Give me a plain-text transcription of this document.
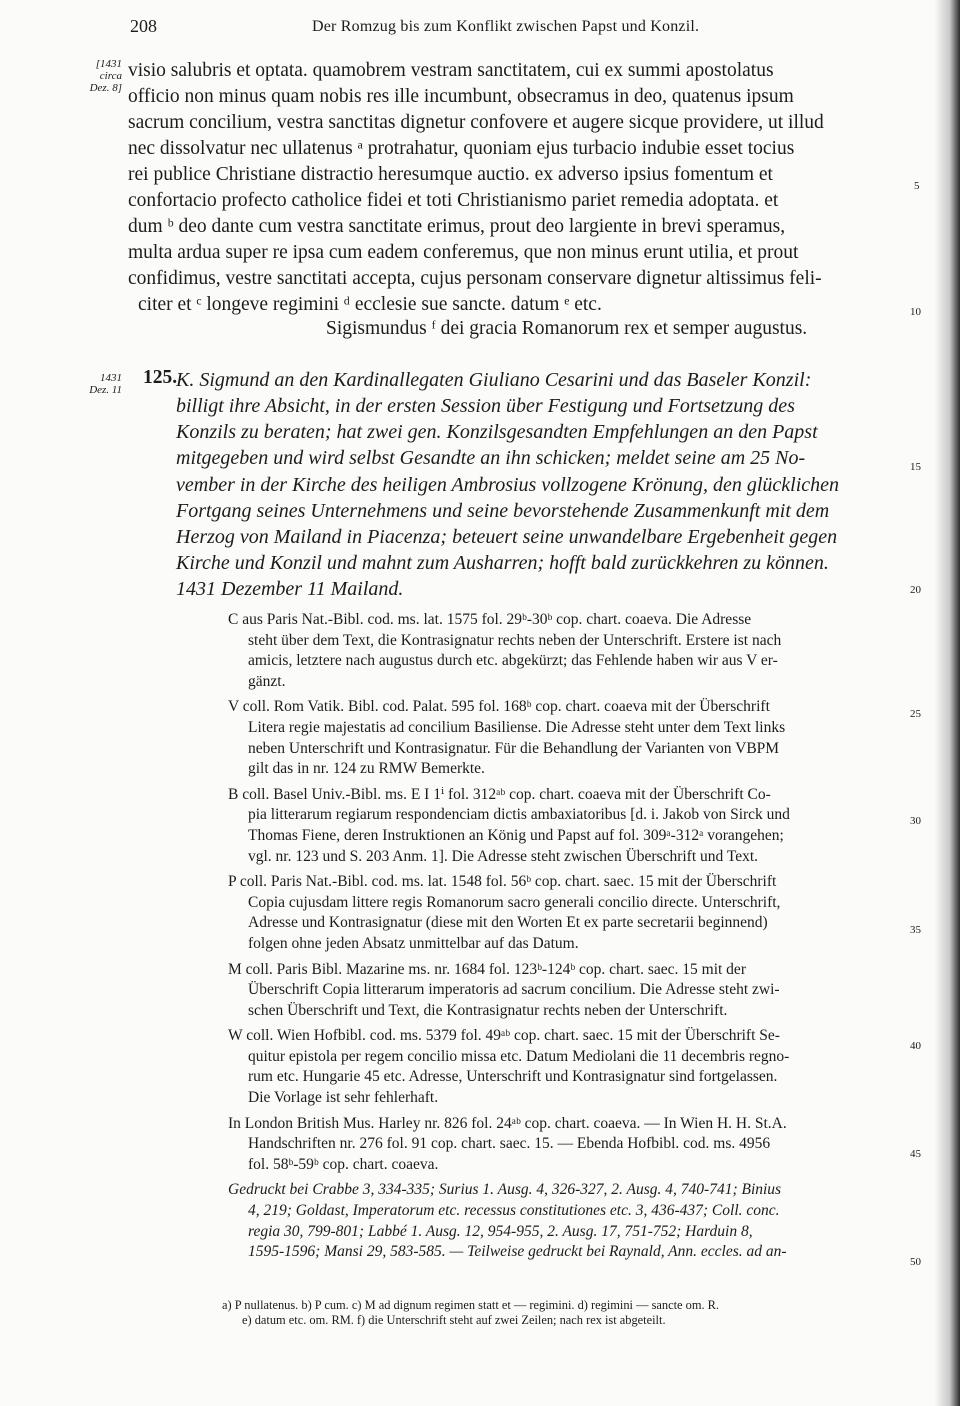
208	Der Romzug bis zum Konflikt zwischen Papst und Konzil.
[1431
circa
Dez. 8]
visio salubris et optata. quamobrem vestram sanctitatem, cui ex summi apostolatus
officio non minus quam nobis res ille incumbunt, obsecramus in deo, quatenus ipsum
sacrum concilium, vestra sanctitas dignetur confovere et augere sicque providere, ut illud
nec dissolvatur nec ullatenus ᵃ protrahatur, quoniam ejus turbacio indubie esset tocius
rei publice Christiane distractio heresumque auctio. ex adverso ipsius fomentum et
confortacio profecto catholice fidei et toti Christianismo pariet remedia adoptata. et
dum ᵇ deo dante cum vestra sanctitate erimus, prout deo largiente in brevi speramus,
multa ardua super re ipsa cum eadem conferemus, que non minus erunt utilia, et prout
confidimus, vestre sanctitati accepta, cujus personam conservare dignetur altissimus feli-
citer et ᶜ longeve regimini ᵈ ecclesie sue sancte. datum ᵉ etc.
Sigismundus ᶠ dei gracia Romanorum rex et semper augustus.
1431
Dez. 11
125.
K. Sigmund an den Kardinallegaten Giuliano Cesarini und das Baseler Konzil:
billigt ihre Absicht, in der ersten Session über Festigung und Fortsetzung des
Konzils zu beraten; hat zwei gen. Konzilsgesandten Empfehlungen an den Papst
mitgegeben und wird selbst Gesandte an ihn schicken; meldet seine am 25 No-
vember in der Kirche des heiligen Ambrosius vollzogene Krönung, den glücklichen
Fortgang seines Unternehmens und seine bevorstehende Zusammenkunft mit dem
Herzog von Mailand in Piacenza; beteuert seine unwandelbare Ergebenheit gegen
Kirche und Konzil und mahnt zum Ausharren; hofft bald zurückkehren zu können.
1431 Dezember 11 Mailand.
C aus Paris Nat.-Bibl. cod. ms. lat. 1575 fol. 29ᵇ-30ᵇ cop. chart. coaeva. Die Adresse
steht über dem Text, die Kontrasignatur rechts neben der Unterschrift. Erstere ist nach
amicis, letztere nach augustus durch etc. abgekürzt; das Fehlende haben wir aus V er-
gänzt.
V coll. Rom Vatik. Bibl. cod. Palat. 595 fol. 168ᵇ cop. chart. coaeva mit der Überschrift
Litera regie majestatis ad concilium Basiliense. Die Adresse steht unter dem Text links
neben Unterschrift und Kontrasignatur. Für die Behandlung der Varianten von VBPM
gilt das in nr. 124 zu RMW Bemerkte.
B coll. Basel Univ.-Bibl. ms. E I 1ⁱ fol. 312ᵃᵇ cop. chart. coaeva mit der Überschrift Co-
pia litterarum regiarum respondenciam dictis ambaxiatoribus [d. i. Jakob von Sirck und
Thomas Fiene, deren Instruktionen an König und Papst auf fol. 309ᵃ-312ᵃ vorangehen;
vgl. nr. 123 und S. 203 Anm. 1]. Die Adresse steht zwischen Überschrift und Text.
P coll. Paris Nat.-Bibl. cod. ms. lat. 1548 fol. 56ᵇ cop. chart. saec. 15 mit der Überschrift
Copia cujusdam littere regis Romanorum sacro generali concilio directe. Unterschrift,
Adresse und Kontrasignatur (diese mit den Worten Et ex parte secretarii beginnend)
folgen ohne jeden Absatz unmittelbar auf das Datum.
M coll. Paris Bibl. Mazarine ms. nr. 1684 fol. 123ᵇ-124ᵇ cop. chart. saec. 15 mit der
Überschrift Copia litterarum imperatoris ad sacrum concilium. Die Adresse steht zwi-
schen Überschrift und Text, die Kontrasignatur rechts neben der Unterschrift.
W coll. Wien Hofbibl. cod. ms. 5379 fol. 49ᵃᵇ cop. chart. saec. 15 mit der Überschrift Se-
quitur epistola per regem concilio missa etc. Datum Mediolani die 11 decembris regno-
rum etc. Hungarie 45 etc. Adresse, Unterschrift und Kontrasignatur sind fortgelassen.
Die Vorlage ist sehr fehlerhaft.
In London British Mus. Harley nr. 826 fol. 24ᵃᵇ cop. chart. coaeva. — In Wien H. H. St.A.
Handschriften nr. 276 fol. 91 cop. chart. saec. 15. — Ebenda Hofbibl. cod. ms. 4956
fol. 58ᵇ-59ᵇ cop. chart. coaeva.
Gedruckt bei Crabbe 3, 334-335; Surius 1. Ausg. 4, 326-327, 2. Ausg. 4, 740-741; Binius
4, 219; Goldast, Imperatorum etc. recessus constitutiones etc. 3, 436-437; Coll. conc.
regia 30, 799-801; Labbé 1. Ausg. 12, 954-955, 2. Ausg. 17, 751-752; Harduin 8,
1595-1596; Mansi 29, 583-585. — Teilweise gedruckt bei Raynald, Ann. eccles. ad an-
a) P nullatenus. b) P cum. c) M ad dignum regimen statt et — regimini. d) regimini — sancte om. R.
e) datum etc. om. RM. f) die Unterschrift steht auf zwei Zeilen; nach rex ist abgeteilt.
5
10
15
20
25
30
35
40
45
50
